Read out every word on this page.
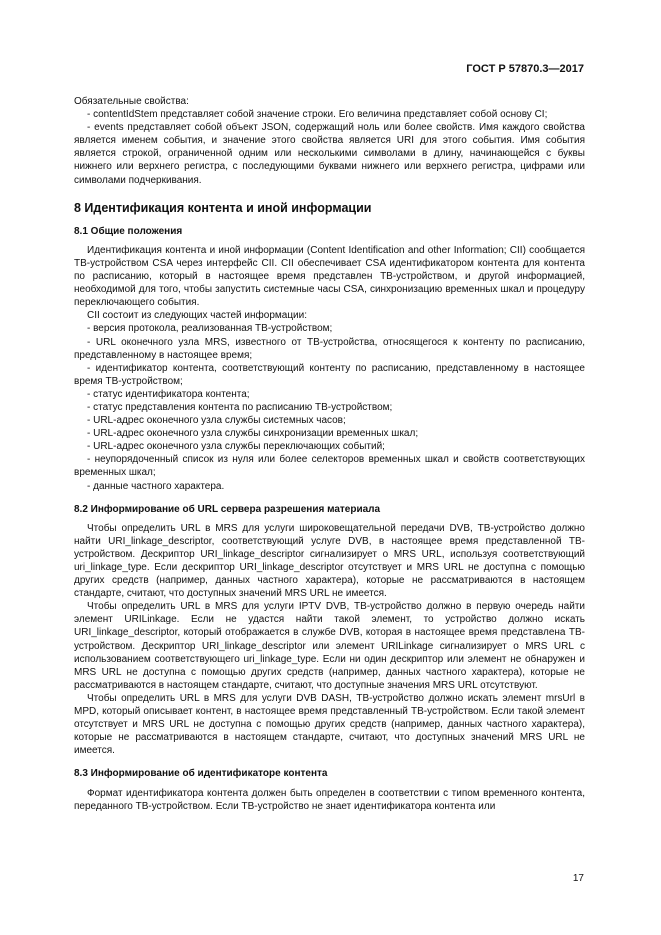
ГОСТ Р 57870.3—2017

Обязательные свойства:

- contentIdStem представляет собой значение строки. Его величина представляет собой основу CI;

- events представляет собой объект JSON, содержащий ноль или более свойств. Имя каждого свойства является именем события, и значение этого свойства является URI для этого события. Имя события является строкой, ограниченной одним или несколькими символами в длину, начинающейся с буквы нижнего или верхнего регистра, с последующими буквами нижнего или верхнего регистра, цифрами или символами подчеркивания.

8 Идентификация контента и иной информации
8.1 Общие положения

Идентификация контента и иной информации (Content Identification and other Information; CII) сообщается ТВ-устройством CSA через интерфейс CII. CII обеспечивает CSA идентификатором контента для контента по расписанию, который в настоящее время представлен ТВ-устройством, и другой информацией, необходимой для того, чтобы запустить системные часы CSA, синхронизацию временных шкал и процедуру переключающего события.

CII состоит из следующих частей информации:

- версия протокола, реализованная ТВ-устройством;

- URL оконечного узла MRS, известного от ТВ-устройства, относящегося к контенту по расписанию, представленному в настоящее время;

- идентификатор контента, соответствующий контенту по расписанию, представленному в настоящее время ТВ-устройством;

- статус идентификатора контента;

- статус представления контента по расписанию ТВ-устройством;

- URL-адрес оконечного узла службы системных часов;

- URL-адрес оконечного узла службы синхронизации временных шкал;

- URL-адрес оконечного узла службы переключающих событий;

- неупорядоченный список из нуля или более селекторов временных шкал и свойств соответствующих временных шкал;

- данные частного характера.

8.2 Информирование об URL сервера разрешения материала

Чтобы определить URL в MRS для услуги широковещательной передачи DVB, ТВ-устройство должно найти URI_linkage_descriptor, соответствующий услуге DVB, в настоящее время представленной ТВ-устройством. Дескриптор URI_linkage_descriptor сигнализирует о MRS URL, используя соответствующий uri_linkage_type. Если дескриптор URI_linkage_descriptor отсутствует и MRS URL не доступна с помощью других средств (например, данных частного характера), которые не рассматриваются в настоящем стандарте, считают, что доступных значений MRS URL не имеется.

Чтобы определить URL в MRS для услуги IPTV DVB, ТВ-устройство должно в первую очередь найти элемент URILinkage. Если не удастся найти такой элемент, то устройство должно искать URI_linkage_descriptor, который отображается в службе DVB, которая в настоящее время представлена ТВ-устройством. Дескриптор URI_linkage_descriptor или элемент URILinkage сигнализирует о MRS URL с использованием соответствующего uri_linkage_type. Если ни один дескриптор или элемент не обнаружен и MRS URL не доступна с помощью других средств (например, данных частного характера), которые не рассматриваются в настоящем стандарте, считают, что доступные значения MRS URL отсутствуют.

Чтобы определить URL в MRS для услуги DVB DASH, ТВ-устройство должно искать элемент mrsUrl в MPD, который описывает контент, в настоящее время представленный ТВ-устройством. Если такой элемент отсутствует и MRS URL не доступна с помощью других средств (например, данных частного характера), которые не рассматриваются в настоящем стандарте, считают, что доступных значений MRS URL не имеется.

8.3 Информирование об идентификаторе контента

Формат идентификатора контента должен быть определен в соответствии с типом временного контента, переданного ТВ-устройством. Если ТВ-устройство не знает идентификатора контента или

17
